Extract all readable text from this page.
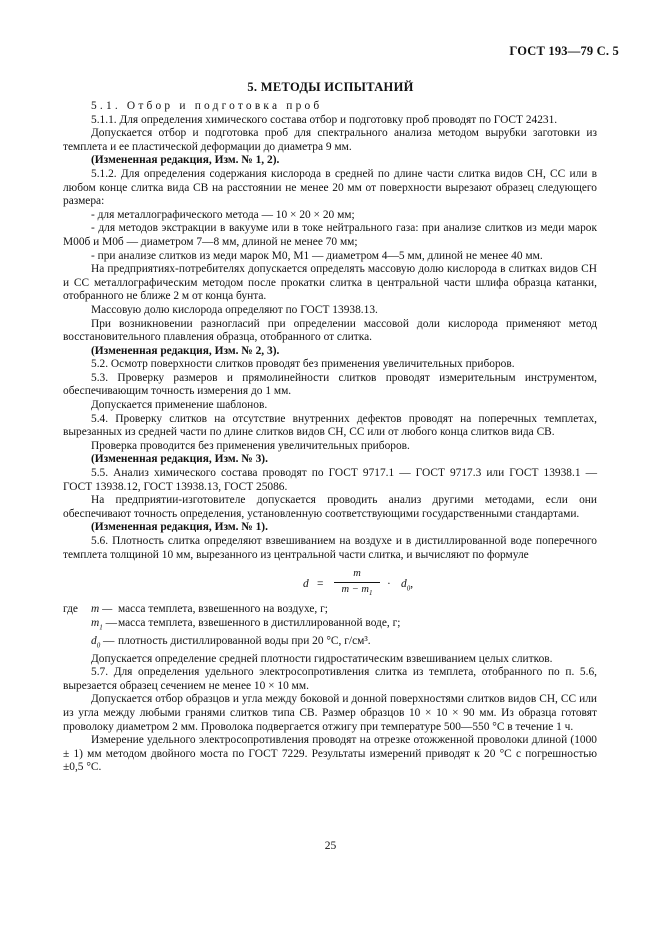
ГОСТ 193—79 С. 5
5. МЕТОДЫ ИСПЫТАНИЙ

5.1. Отбор и подготовка проб

5.1.1. Для определения химического состава отбор и подготовку проб проводят по ГОСТ 24231.

Допускается отбор и подготовка проб для спектрального анализа методом вырубки заготовки из темплета и ее пластической деформации до диаметра 9 мм.

(Измененная редакция, Изм. № 1, 2).

5.1.2. Для определения содержания кислорода в средней по длине части слитка видов СН, СС или в любом конце слитка вида СВ на расстоянии не менее 20 мм от поверхности вырезают образец следующего размера:

- для металлографического метода — 10 × 20 × 20 мм;

- для методов экстракции в вакууме или в токе нейтрального газа: при анализе слитков из меди марок М00б и М0б — диаметром 7—8 мм, длиной не менее 70 мм;

- при анализе слитков из меди марок М0, М1 — диаметром 4—5 мм, длиной не менее 40 мм.

На предприятиях-потребителях допускается определять массовую долю кислорода в слитках видов СН и СС металлографическим методом после прокатки слитка в центральной части шлифа образца катанки, отобранного не ближе 2 м от конца бунта.

Массовую долю кислорода определяют по ГОСТ 13938.13.

При возникновении разногласий при определении массовой доли кислорода применяют метод восстановительного плавления образца, отобранного от слитка.

(Измененная редакция, Изм. № 2, 3).

5.2. Осмотр поверхности слитков проводят без применения увеличительных приборов.

5.3. Проверку размеров и прямолинейности слитков проводят измерительным инструментом, обеспечивающим точность измерения до 1 мм.

Допускается применение шаблонов.

5.4. Проверку слитков на отсутствие внутренних дефектов проводят на поперечных темплетах, вырезанных из средней части по длине слитков видов СН, СС или от любого конца слитков вида СВ.

Проверка проводится без применения увеличительных приборов.

(Измененная редакция, Изм. № 3).

5.5. Анализ химического состава проводят по ГОСТ 9717.1 — ГОСТ 9717.3 или ГОСТ 13938.1 — ГОСТ 13938.12, ГОСТ 13938.13, ГОСТ 25086.

На предприятии-изготовителе допускается проводить анализ другими методами, если они обеспечивают точность определения, установленную соответствующими государственными стандартами.

(Измененная редакция, Изм. № 1).

5.6. Плотность слитка определяют взвешиванием на воздухе и в дистиллированной воде поперечного темплета толщиной 10 мм, вырезанного из центральной части слитка, и вычисляют по формуле

$d = \frac{m}{m - m_1} \cdot d_0$,
где	m — масса темплета, взвешенного на воздухе, г;
$m_1$ — масса темплета, взвешенного в дистиллированной воде, г;
$d_0$ — плотность дистиллированной воды при 20 °С, г/см³.

Допускается определение средней плотности гидростатическим взвешиванием целых слитков.

5.7. Для определения удельного электросопротивления слитка из темплета, отобранного по п. 5.6, вырезается образец сечением не менее 10 × 10 мм.

Допускается отбор образцов и угла между боковой и донной поверхностями слитков видов СН, СС или из угла между любыми гранями слитков типа СВ. Размер образцов 10 × 10 × 90 мм. Из образца готовят проволоку диаметром 2 мм. Проволока подвергается отжигу при температуре 500—550 °С в течение 1 ч.

Измерение удельного электросопротивления проводят на отрезке отожженной проволоки длиной (1000 ± 1) мм методом двойного моста по ГОСТ 7229. Результаты измерений приводят к 20 °С с погрешностью ±0,5 °С.

25
